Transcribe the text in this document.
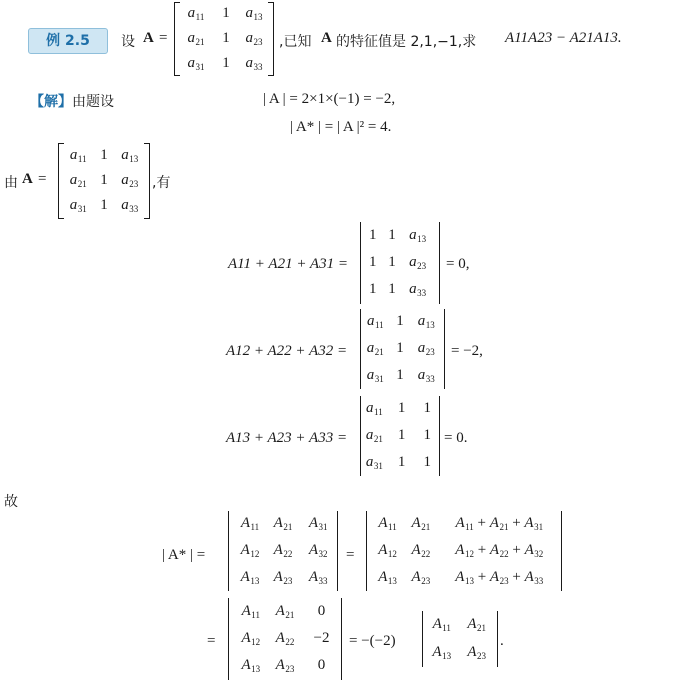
例 2.5	设 A =
$a_{11}$ 1 $a_{13}$
$a_{21}$ 1 $a_{23}$
$a_{31}$ 1 $a_{33}$
,已知 A 的特征值是 2,1,−1,求 A11A23 − A21A13.
【解】由题设	| A | = 2×1×(−1) = −2,
| A* | = | A |² = 4.
由 A =
$a_{11}$ 1 $a_{13}$
$a_{21}$ 1 $a_{23}$
$a_{31}$ 1 $a_{33}$
,有
A11 + A21 + A31 =
1 1 $a_{13}$
1 1 $a_{23}$
1 1 $a_{33}$
= 0,
A12 + A22 + A32 =
$a_{11}$ 1 $a_{13}$
$a_{21}$ 1 $a_{23}$
$a_{31}$ 1 $a_{33}$
= −2,
A13 + A23 + A33 =
$a_{11}$ 1 1
$a_{21}$ 1 1
$a_{31}$ 1 1
= 0.
故
| A* | =
$A_{11}$ $A_{21}$ $A_{31}$
$A_{12}$ $A_{22}$ $A_{32}$
$A_{13}$ $A_{23}$ $A_{33}$
=
$A_{11}$ $A_{21}$ $A_{11} + A_{21} + A_{31}$
$A_{12}$ $A_{22}$ $A_{12} + A_{22} + A_{32}$
$A_{13}$ $A_{23}$ $A_{13} + A_{23} + A_{33}$
=
$A_{11}$ $A_{21}$ 0
$A_{12}$ $A_{22} -2$
$A_{13}$ $A_{23}$ 0
= −(−2)
$A_{11}$ $A_{21}$
$A_{13}$ $A_{23}$
.
